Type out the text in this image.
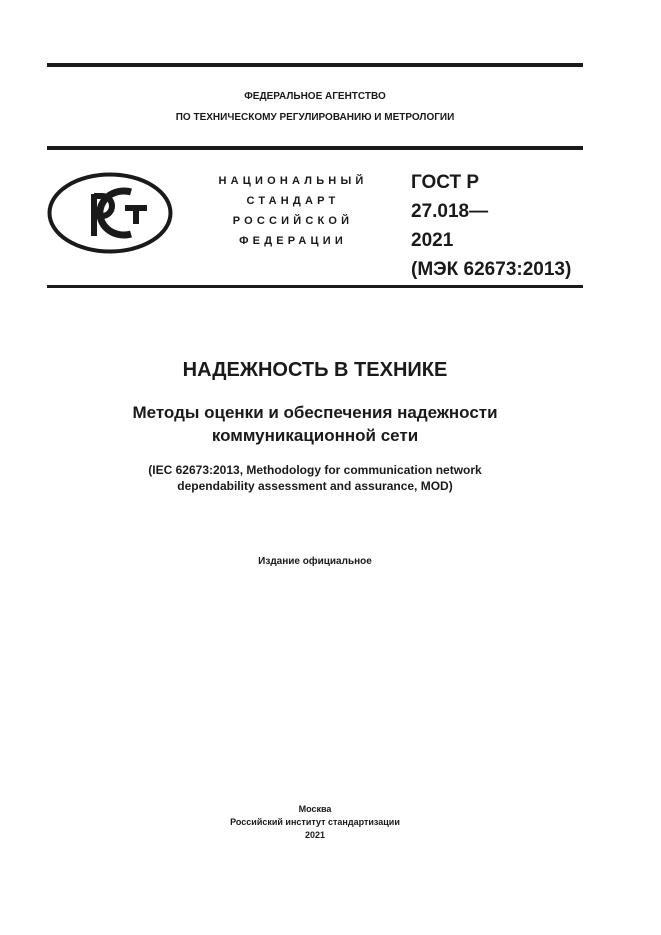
ФЕДЕРАЛЬНОЕ АГЕНТСТВО
ПО ТЕХНИЧЕСКОМУ РЕГУЛИРОВАНИЮ И МЕТРОЛОГИИ
НАЦИОНАЛЬНЫЙ
СТАНДАРТ
РОССИЙСКОЙ
ФЕДЕРАЦИИ
ГОСТ Р
27.018—
2021
(МЭК 62673:2013)
НАДЕЖНОСТЬ В ТЕХНИКЕ
Методы оценки и обеспечения надежности
коммуникационной сети
(IEC 62673:2013, Methodology for communication network
dependability assessment and assurance, MOD)
Издание официальное
Москва
Российский институт стандартизации
2021
